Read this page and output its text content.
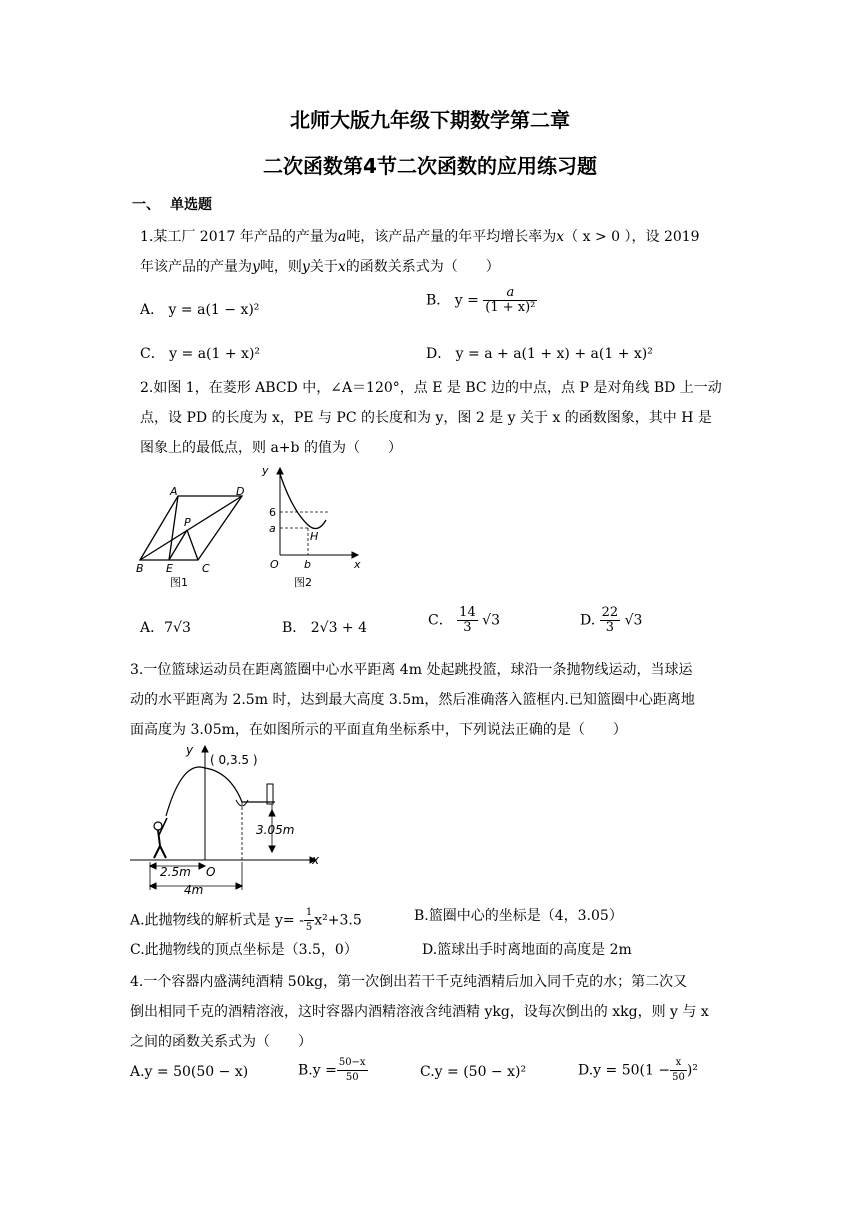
北师大版九年级下期数学第二章
二次函数第4节二次函数的应用练习题
一、 单选题
1.某工厂 2017 年产品的产量为a吨，该产品产量的年平均增长率为x（ x > 0 ），设 2019
年该产品的产量为y吨，则y关于x的函数关系式为（　　）
A． y = a(1 − x)²
B． $y = \frac{a}{\text{(1 + x)²}}$
C． y = a(1 + x)²	D． y = a + a(1 + x) + a(1 + x)²
2.如图 1，在菱形 ABCD 中，∠A＝120°，点 E 是 BC 边的中点，点 P 是对角线 BD 上一动
点，设 PD 的长度为 x，PE 与 PC 的长度和为 y，图 2 是 y 关于 x 的函数图象，其中 H 是
图象上的最低点，则 a+b 的值为（　　）
A	D
P
B E	C
图1
y
6
a
H
O b	x
图2
A．7√3	B． 2√3 + 4	C． $\frac{14}{3} √3$	D. $\frac{22}{3} √3$
3.一位篮球运动员在距离篮圈中心水平距离 4m 处起跳投篮，球沿一条抛物线运动，当球运
动的水平距离为 2.5m 时，达到最大高度 3.5m，然后准确落入篮框内.已知篮圈中心距离地
面高度为 3.05m，在如图所示的平面直角坐标系中，下列说法正确的是（　　）
y
( 0,3.5 )
3.05m
x
2.5m O
4m
A.此抛物线的解析式是 $y= - \frac{1}{5} x^2+3.5$	B.篮圈中心的坐标是（4，3.05）
C.此抛物线的顶点坐标是（3.5，0）	D.篮球出手时离地面的高度是 2m
4.一个容器内盛满纯酒精 50kg，第一次倒出若干千克纯酒精后加入同千克的水；第二次又
倒出相同千克的酒精溶液，这时容器内酒精溶液含纯酒精 ykg，设每次倒出的 xkg，则 y 与 x
之间的函数关系式为（　　）
A.y = 50(50 − x)	$B.y = \frac{50-x}{50}$	C.y = (50 − x)²	$D.y = 50(1 - \frac{x}{50} )^2$
